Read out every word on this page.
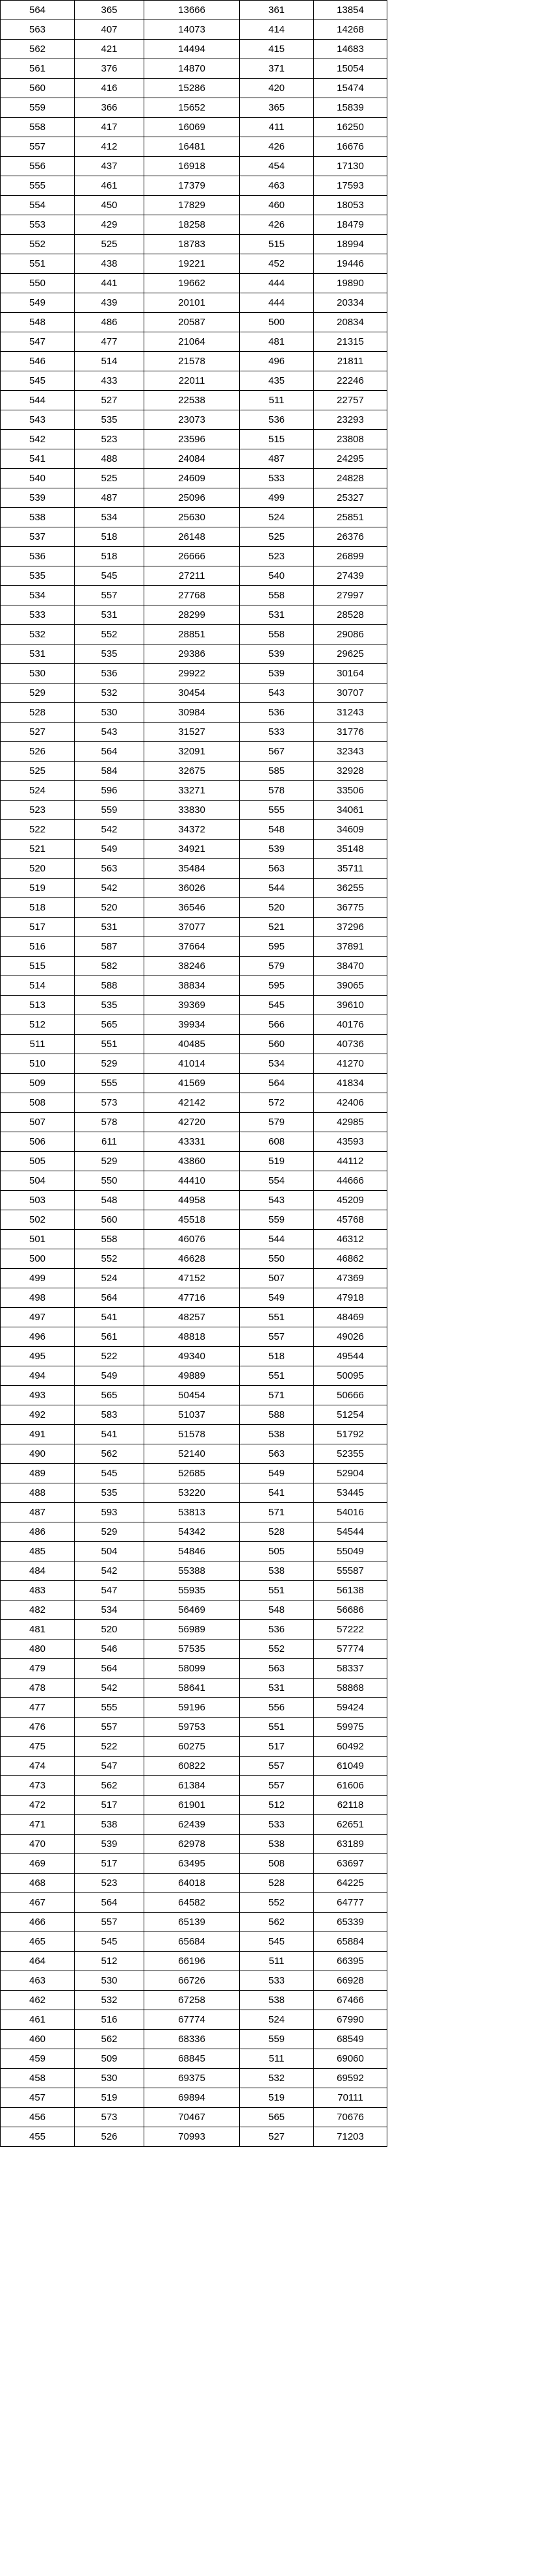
564	365	13666	361	13854	
563	407	14073	414	14268	
562	421	14494	415	14683	
561	376	14870	371	15054	
560	416	15286	420	15474	
559	366	15652	365	15839	
558	417	16069	411	16250	
557	412	16481	426	16676	
556	437	16918	454	17130	
555	461	17379	463	17593	
554	450	17829	460	18053	
553	429	18258	426	18479	
552	525	18783	515	18994	
551	438	19221	452	19446	
550	441	19662	444	19890	
549	439	20101	444	20334	
548	486	20587	500	20834	
547	477	21064	481	21315	
546	514	21578	496	21811	
545	433	22011	435	22246	
544	527	22538	511	22757	
543	535	23073	536	23293	
542	523	23596	515	23808	
541	488	24084	487	24295	
540	525	24609	533	24828	
539	487	25096	499	25327	
538	534	25630	524	25851	
537	518	26148	525	26376	
536	518	26666	523	26899	
535	545	27211	540	27439	
534	557	27768	558	27997	
533	531	28299	531	28528	
532	552	28851	558	29086	
531	535	29386	539	29625	
530	536	29922	539	30164	
529	532	30454	543	30707	
528	530	30984	536	31243	
527	543	31527	533	31776	
526	564	32091	567	32343	
525	584	32675	585	32928	
524	596	33271	578	33506	
523	559	33830	555	34061	
522	542	34372	548	34609	
521	549	34921	539	35148	
520	563	35484	563	35711	
519	542	36026	544	36255	
518	520	36546	520	36775	
517	531	37077	521	37296	
516	587	37664	595	37891	
515	582	38246	579	38470	
514	588	38834	595	39065	
513	535	39369	545	39610	
512	565	39934	566	40176	
511	551	40485	560	40736	
510	529	41014	534	41270	
509	555	41569	564	41834	
508	573	42142	572	42406	
507	578	42720	579	42985	
506	611	43331	608	43593	
505	529	43860	519	44112	
504	550	44410	554	44666	
503	548	44958	543	45209	
502	560	45518	559	45768	
501	558	46076	544	46312	
500	552	46628	550	46862	
499	524	47152	507	47369	
498	564	47716	549	47918	
497	541	48257	551	48469	
496	561	48818	557	49026	
495	522	49340	518	49544	
494	549	49889	551	50095	
493	565	50454	571	50666	
492	583	51037	588	51254	
491	541	51578	538	51792	
490	562	52140	563	52355	
489	545	52685	549	52904	
488	535	53220	541	53445	
487	593	53813	571	54016	
486	529	54342	528	54544	
485	504	54846	505	55049	
484	542	55388	538	55587	
483	547	55935	551	56138	
482	534	56469	548	56686	
481	520	56989	536	57222	
480	546	57535	552	57774	
479	564	58099	563	58337	
478	542	58641	531	58868	
477	555	59196	556	59424	
476	557	59753	551	59975	
475	522	60275	517	60492	
474	547	60822	557	61049	
473	562	61384	557	61606	
472	517	61901	512	62118	
471	538	62439	533	62651	
470	539	62978	538	63189	
469	517	63495	508	63697	
468	523	64018	528	64225	
467	564	64582	552	64777	
466	557	65139	562	65339	
465	545	65684	545	65884	
464	512	66196	511	66395	
463	530	66726	533	66928	
462	532	67258	538	67466	
461	516	67774	524	67990	
460	562	68336	559	68549	
459	509	68845	511	69060	
458	530	69375	532	69592	
457	519	69894	519	70111	
456	573	70467	565	70676	
455	526	70993	527	71203	
